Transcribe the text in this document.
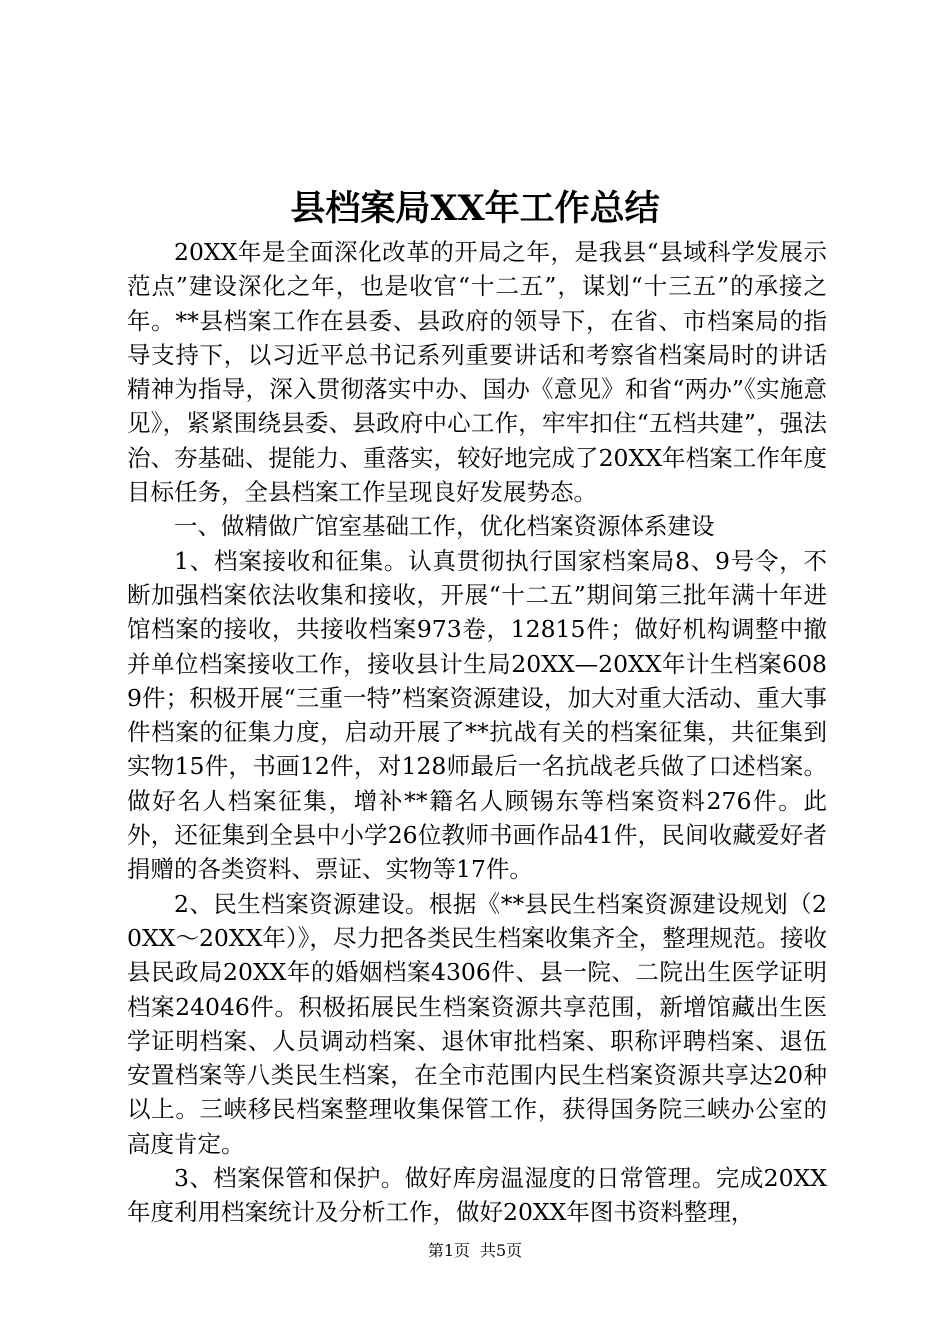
县档案局XX年工作总结

20XX年是全面深化改革的开局之年，是我县“县域科学发展示范点”建设深化之年，也是收官“十二五”，谋划“十三五”的承接之年。**县档案工作在县委、县政府的领导下，在省、市档案局的指导支持下，以习近平总书记系列重要讲话和考察省档案局时的讲话精神为指导，深入贯彻落实中办、国办《意见》和省“两办”《实施意见》，紧紧围绕县委、县政府中心工作，牢牢扣住“五档共建”，强法治、夯基础、提能力、重落实，较好地完成了20XX年档案工作年度目标任务，全县档案工作呈现良好发展势态。

一、做精做广馆室基础工作，优化档案资源体系建设

1、档案接收和征集。认真贯彻执行国家档案局8、9号令，不断加强档案依法收集和接收，开展“十二五”期间第三批年满十年进馆档案的接收，共接收档案973卷，12815件；做好机构调整中撤并单位档案接收工作，接收县计生局20XX—20XX年计生档案6089件；积极开展“三重一特”档案资源建设，加大对重大活动、重大事件档案的征集力度，启动开展了**抗战有关的档案征集，共征集到实物15件，书画12件，对128师最后一名抗战老兵做了口述档案。做好名人档案征集，增补**籍名人顾锡东等档案资料276件。此外，还征集到全县中小学26位教师书画作品41件，民间收藏爱好者捐赠的各类资料、票证、实物等17件。

2、民生档案资源建设。根据《**县民生档案资源建设规划（20XX～20XX年）》，尽力把各类民生档案收集齐全，整理规范。接收县民政局20XX年的婚姻档案4306件、县一院、二院出生医学证明档案24046件。积极拓展民生档案资源共享范围，新增馆藏出生医学证明档案、人员调动档案、退休审批档案、职称评聘档案、退伍安置档案等八类民生档案，在全市范围内民生档案资源共享达20种以上。三峡移民档案整理收集保管工作，获得国务院三峡办公室的高度肯定。

3、档案保管和保护。做好库房温湿度的日常管理。完成20XX年度利用档案统计及分析工作，做好20XX年图书资料整理，

第1页 共5页
